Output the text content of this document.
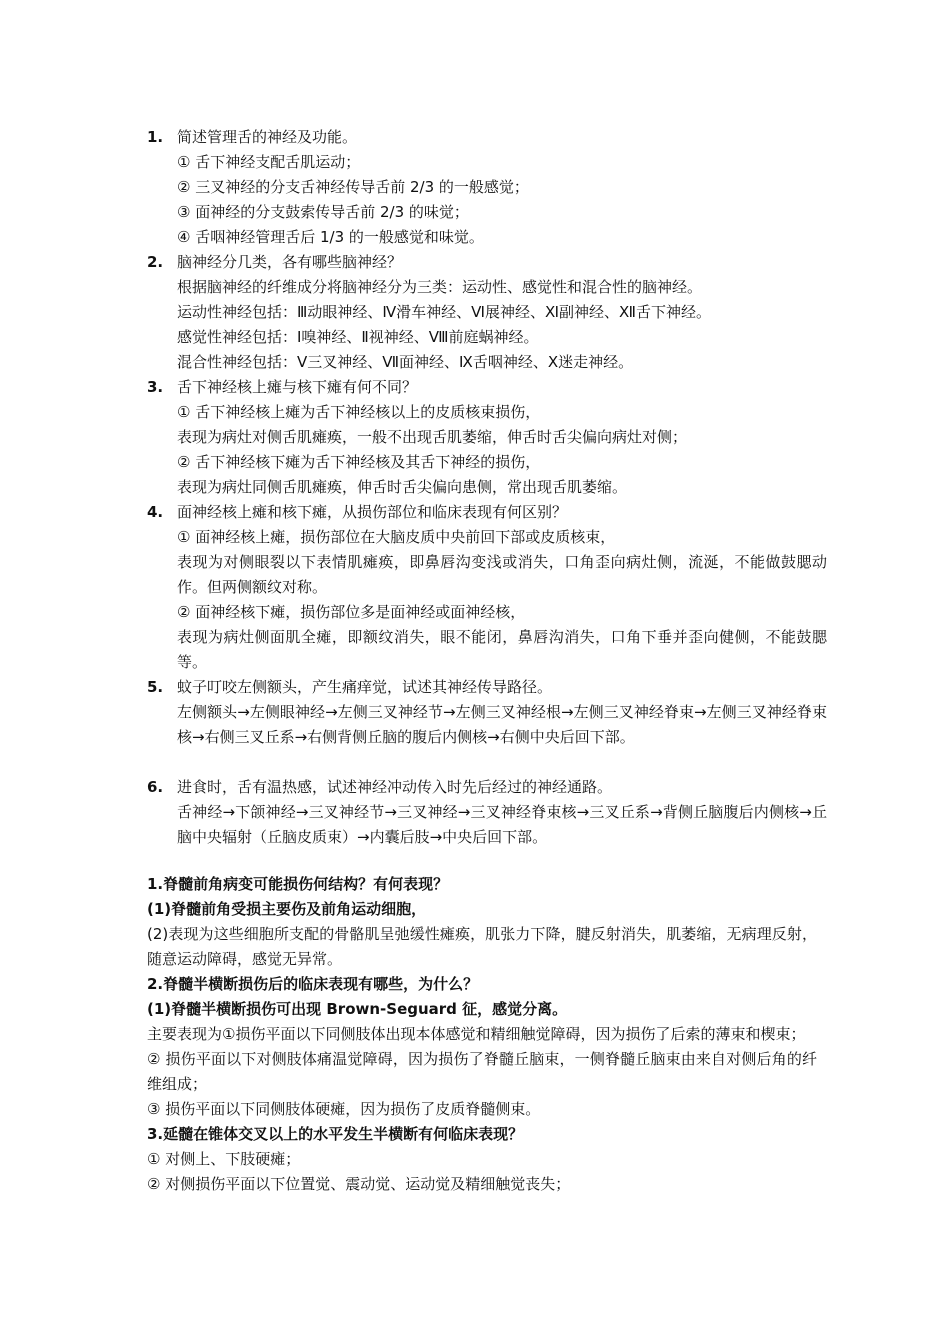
1. 简述管理舌的神经及功能。
① 舌下神经支配舌肌运动；
② 三叉神经的分支舌神经传导舌前 2/3 的一般感觉；
③ 面神经的分支鼓索传导舌前 2/3 的味觉；
④ 舌咽神经管理舌后 1/3 的一般感觉和味觉。
2. 脑神经分几类，各有哪些脑神经？
根据脑神经的纤维成分将脑神经分为三类：运动性、感觉性和混合性的脑神经。
运动性神经包括：Ⅲ动眼神经、Ⅳ滑车神经、Ⅵ展神经、Ⅺ副神经、Ⅻ舌下神经。
感觉性神经包括：Ⅰ嗅神经、Ⅱ视神经、Ⅷ前庭蜗神经。
混合性神经包括：Ⅴ三叉神经、Ⅶ面神经、Ⅸ舌咽神经、Ⅹ迷走神经。
3. 舌下神经核上瘫与核下瘫有何不同？
① 舌下神经核上瘫为舌下神经核以上的皮质核束损伤，
表现为病灶对侧舌肌瘫痪，一般不出现舌肌萎缩，伸舌时舌尖偏向病灶对侧；
② 舌下神经核下瘫为舌下神经核及其舌下神经的损伤，
表现为病灶同侧舌肌瘫痪，伸舌时舌尖偏向患侧，常出现舌肌萎缩。
4. 面神经核上瘫和核下瘫，从损伤部位和临床表现有何区别？
① 面神经核上瘫，损伤部位在大脑皮质中央前回下部或皮质核束，
表现为对侧眼裂以下表情肌瘫痪，即鼻唇沟变浅或消失，口角歪向病灶侧，流涎，不能做鼓腮动作。但两侧额纹对称。
② 面神经核下瘫，损伤部位多是面神经或面神经核，
表现为病灶侧面肌全瘫，即额纹消失，眼不能闭，鼻唇沟消失，口角下垂并歪向健侧，不能鼓腮等。
5. 蚊子叮咬左侧额头，产生痛痒觉，试述其神经传导路径。
左侧额头→左侧眼神经→左侧三叉神经节→左侧三叉神经根→左侧三叉神经脊束→左侧三叉神经脊束核→右侧三叉丘系→右侧背侧丘脑的腹后内侧核→右侧中央后回下部。
6. 进食时，舌有温热感，试述神经冲动传入时先后经过的神经通路。
舌神经→下颌神经→三叉神经节→三叉神经→三叉神经脊束核→三叉丘系→背侧丘脑腹后内侧核→丘脑中央辐射（丘脑皮质束）→内囊后肢→中央后回下部。
1.脊髓前角病变可能损伤何结构？有何表现？
(1)脊髓前角受损主要伤及前角运动细胞，
(2)表现为这些细胞所支配的骨骼肌呈弛缓性瘫痪，肌张力下降，腱反射消失，肌萎缩，无病理反射，随意运动障碍，感觉无异常。
2.脊髓半横断损伤后的临床表现有哪些，为什么？
(1)脊髓半横断损伤可出现 Brown-Seguard 征，感觉分离。
主要表现为①损伤平面以下同侧肢体出现本体感觉和精细触觉障碍，因为损伤了后索的薄束和楔束；
② 损伤平面以下对侧肢体痛温觉障碍，因为损伤了脊髓丘脑束，一侧脊髓丘脑束由来自对侧后角的纤维组成；
③ 损伤平面以下同侧肢体硬瘫，因为损伤了皮质脊髓侧束。
3.延髓在锥体交叉以上的水平发生半横断有何临床表现？
① 对侧上、下肢硬瘫；
② 对侧损伤平面以下位置觉、震动觉、运动觉及精细触觉丧失；
